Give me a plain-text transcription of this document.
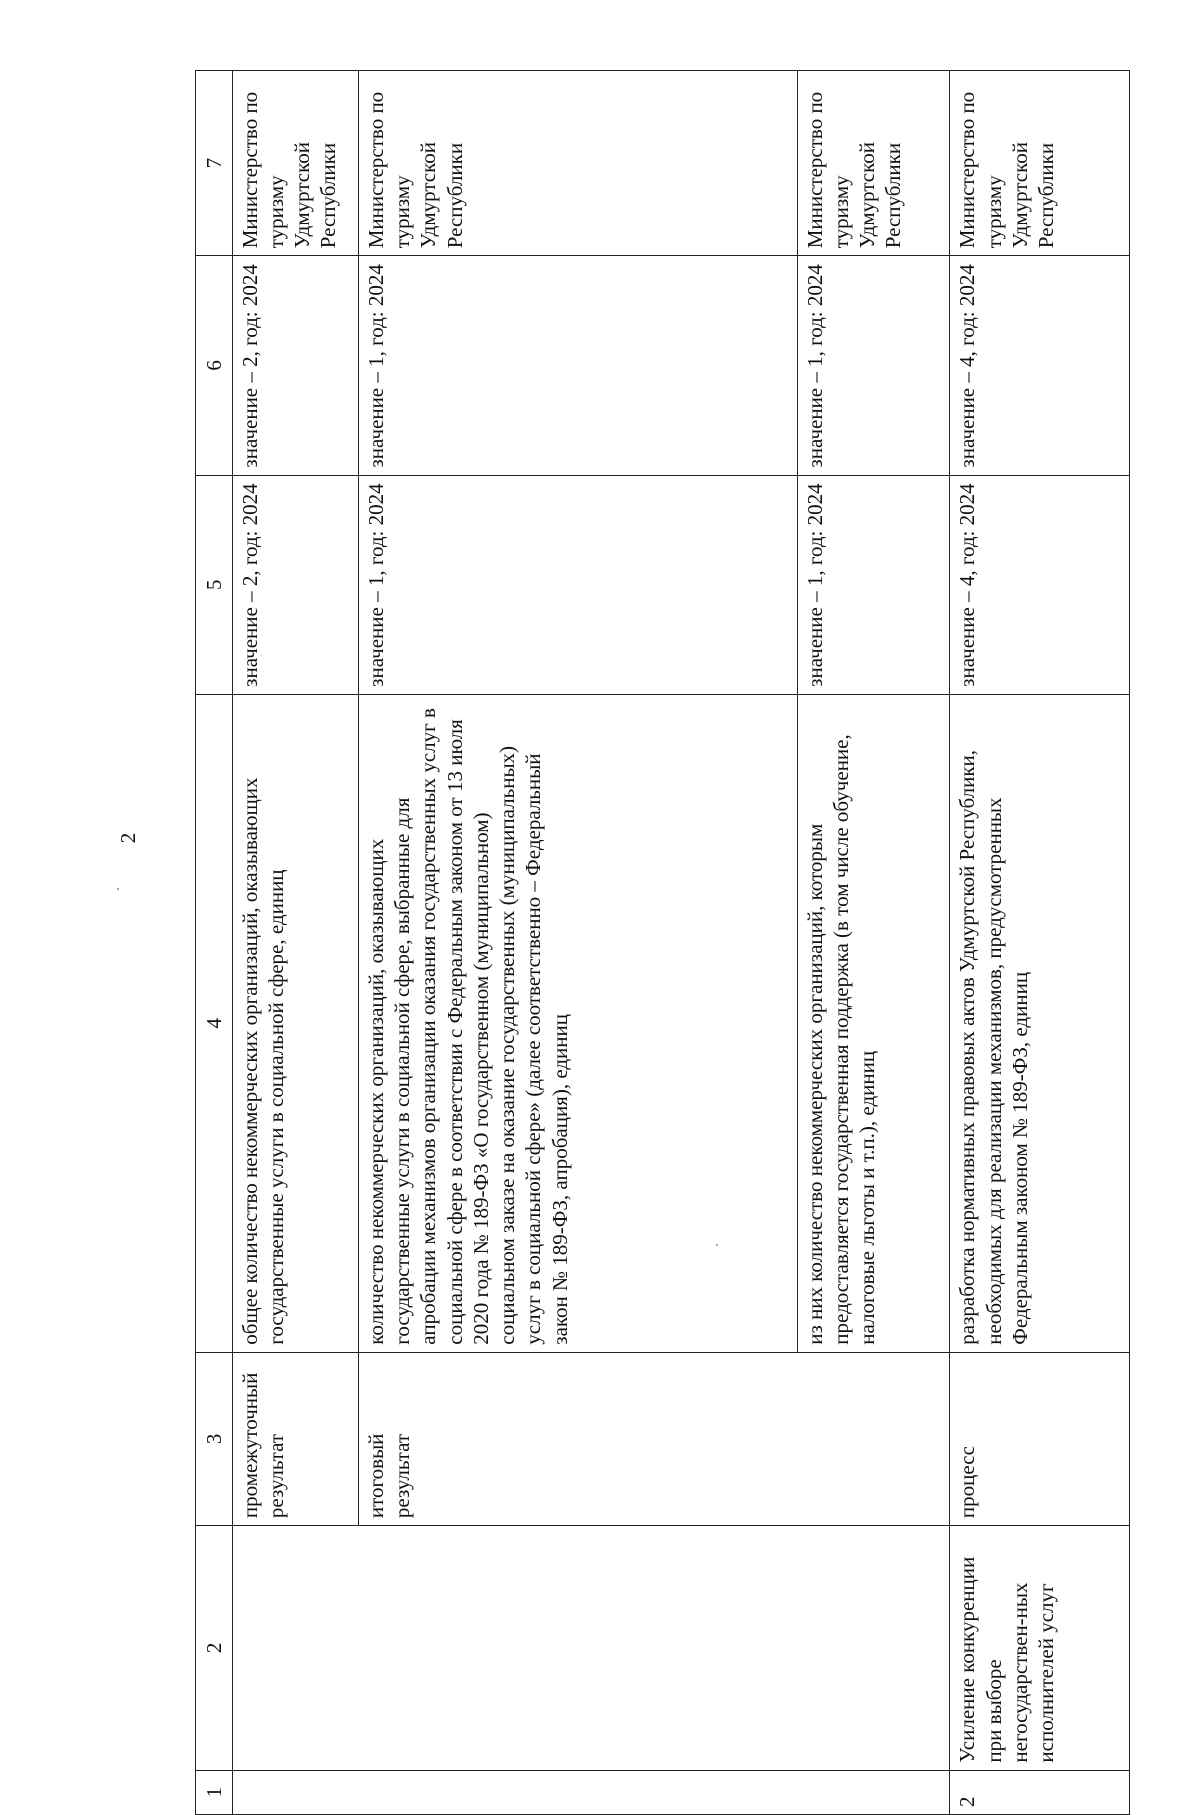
2
1	2	3	4	5	6	7
		промежуточный результат	общее количество некоммерческих организаций, оказывающих государственные услуги в социальной сфере, единиц	значение – 2, год: 2024	значение – 2, год: 2024	Министерство по туризму Удмуртской Республики
		итоговый результат	количество некоммерческих организаций, оказывающих государственные услуги в социальной сфере, выбранные для апробации механизмов организации оказания государственных услуг в социальной сфере в соответствии с Федеральным законом от 13 июля 2020 года № 189-ФЗ «О государственном (муниципальном) социальном заказе на оказание государственных (муниципальных) услуг в социальной сфере» (далее соответственно – Федеральный закон № 189-ФЗ, апробация), единиц	значение – 1, год: 2024	значение – 1, год: 2024	Министерство по туризму Удмуртской Республики
			из них количество некоммерческих организаций, которым предоставляется государственная поддержка (в том числе обучение, налоговые льготы и т.п.), единиц	значение – 1, год: 2024	значение – 1, год: 2024	Министерство по туризму Удмуртской Республики
2	Усиление конкуренции при выборе негосударствен-ных исполнителей услуг	процесс	разработка нормативных правовых актов Удмуртской Республики, необходимых для реализации механизмов, предусмотренных Федеральным законом № 189-ФЗ, единиц	значение – 4, год: 2024	значение – 4, год: 2024	Министерство по туризму Удмуртской Республики
